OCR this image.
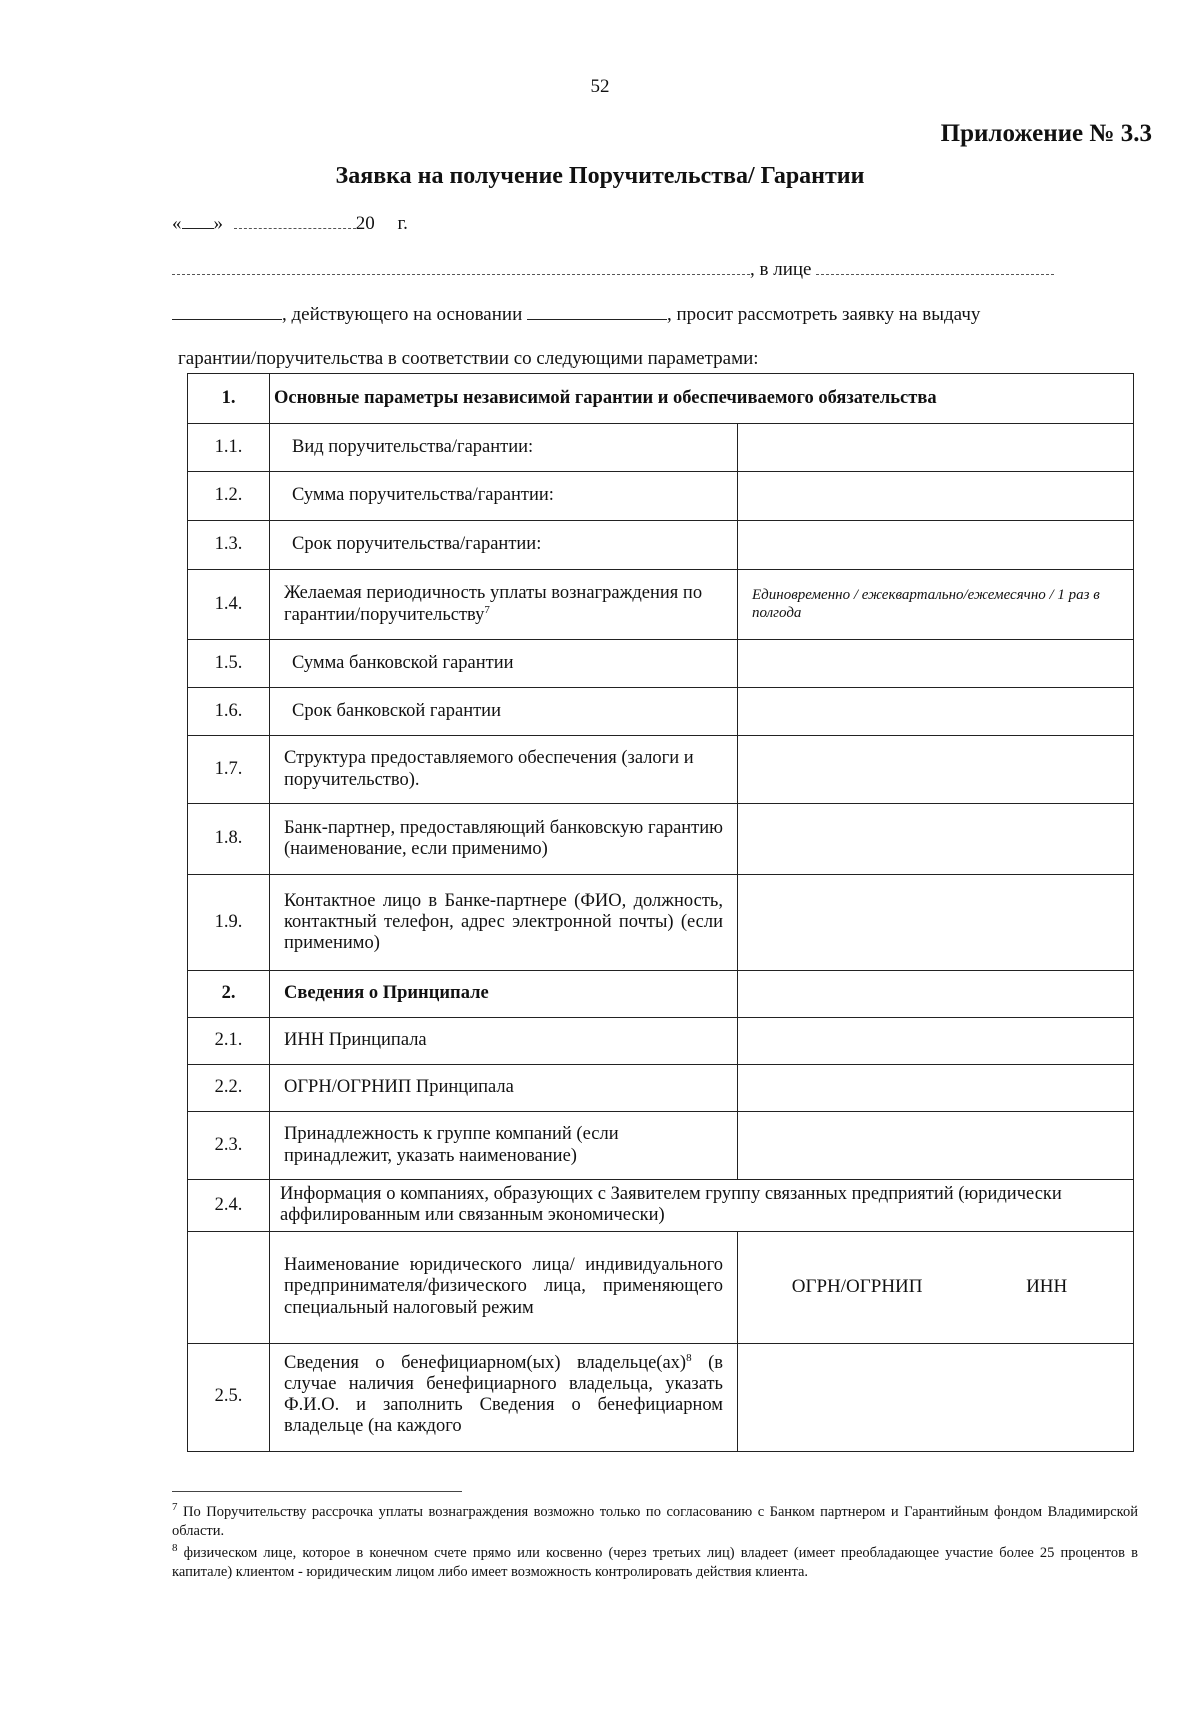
52
Приложение № 3.3
Заявка на получение Поручительства/ Гарантии
« »	20 г.
, в лице
, действующего на основании	, просит рассмотреть заявку на выдачу
гарантии/поручительства в соответствии со следующими параметрами:
1.	Основные параметры независимой гарантии и обеспечиваемого обязательства	
1.1.	Вид поручительства/гарантии:	
1.2.	Сумма поручительства/гарантии:	
1.3.	Срок поручительства/гарантии:	
1.4.	Желаемая периодичность уплаты вознаграждения по гарантии/поручительству$^7$	Единовременно / ежеквартально/ежемесячно / 1 раз в полгода
1.5.	Сумма банковской гарантии	
1.6.	Срок банковской гарантии	
1.7.	Структура предоставляемого обеспечения (залоги и поручительство).	
1.8.	Банк-партнер, предоставляющий банковскую гарантию (наименование, если применимо)	
1.9.	Контактное лицо в Банке-партнере (ФИО, должность, контактный телефон, адрес электронной почты) (если применимо)	
2.	Сведения о Принципале	
2.1.	ИНН Принципала	
2.2.	ОГРН/ОГРНИП Принципала	
2.3.	Принадлежность к группе компаний (если принадлежит, указать наименование)	
2.4.	Информация о компаниях, образующих с Заявителем группу связанных предприятий (юридически аффилированным или связанным экономически)	
	Наименование юридического лица/ индивидуального предпринимателя/физического лица, применяющего специальный налоговый режим	ОГРН/ОГРНИП ИНН

2.5.	Сведения о бенефициарном(ых) владельце(ах)$^8$ (в случае наличия бенефициарного владельца, указать Ф.И.О. и заполнить Сведения о бенефициарном владельце (на каждого	

$^7$ По Поручительству рассрочка уплаты вознаграждения возможно только по согласованию с Банком партнером и Гарантийным фондом Владимирской области.

$^8$ физическом лице, которое в конечном счете прямо или косвенно (через третьих лиц) владеет (имеет преобладающее участие более 25 процентов в капитале) клиентом - юридическим лицом либо имеет возможность контролировать действия клиента.
